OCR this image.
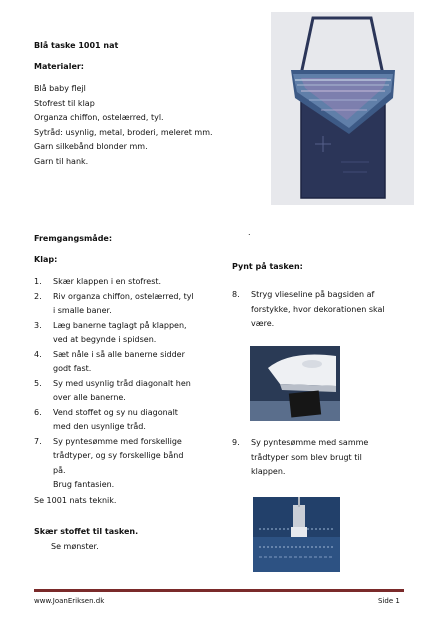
Blå taske 1001 nat
Materialer:
Blå baby flejl
Stofrest til klap
Organza chiffon, ostelærred, tyl.
Sytråd: usynlig, metal, broderi, meleret mm.
Garn silkebånd blonder mm.
Garn til hank.
.
Fremgangsmåde:
Klap:
1. Skær klappen i en stofrest.
2. Riv organza chiffon, ostelærred, tyl
i smalle baner.
3. Læg banerne taglagt på klappen,
ved at begynde i spidsen.
4. Sæt nåle i så alle banerne sidder
godt fast.
5. Sy med usynlig tråd diagonalt hen
over alle banerne.
6. Vend stoffet og sy nu diagonalt
med den usynlige tråd.
7. Sy pyntesømme med forskellige
trådtyper, og sy forskellige bånd
på.
Brug fantasien.
Se 1001 nats teknik.
Skær stoffet til tasken.
Se mønster.
Pynt på tasken:
8. Stryg vlieseline på bagsiden af
forstykke, hvor dekorationen skal
være.
9. Sy pyntesømme med samme
trådtyper som blev brugt til
klappen.
www.JoanEriksen.dk	Side 1
